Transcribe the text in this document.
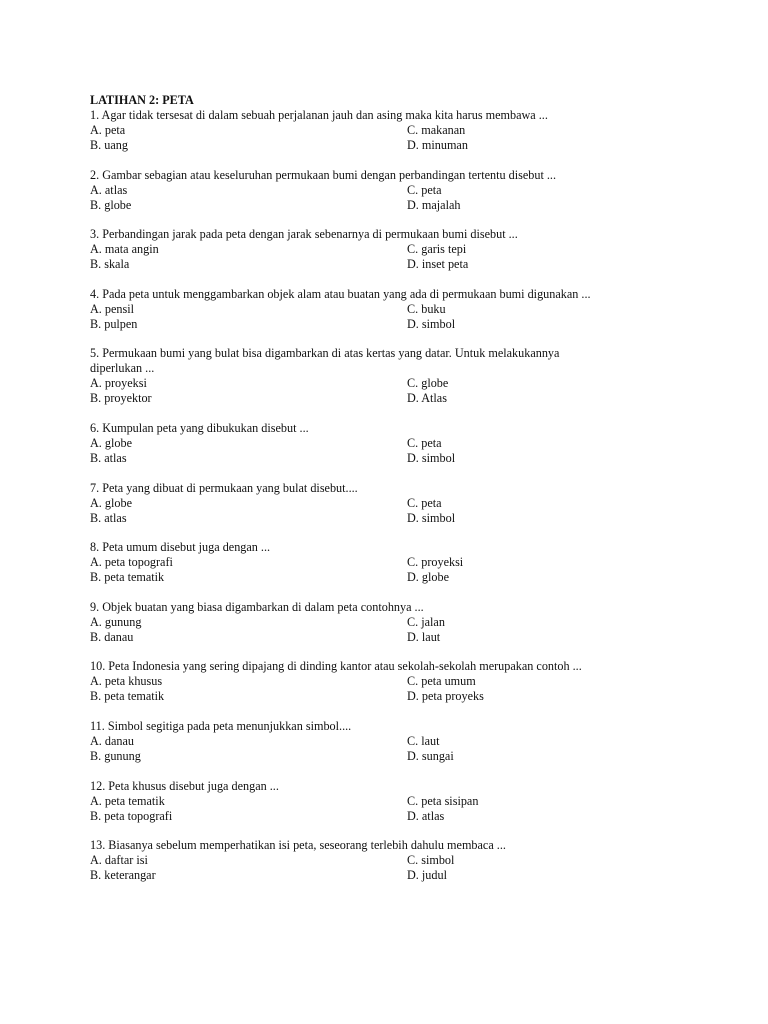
LATIHAN 2: PETA
1. Agar tidak tersesat di dalam sebuah perjalanan jauh dan asing maka kita harus membawa ...
A. peta	C. makanan
B. uang	D. minuman
2. Gambar sebagian atau keseluruhan permukaan bumi dengan perbandingan tertentu disebut ...
A. atlas	C. peta
B. globe	D. majalah
3. Perbandingan jarak pada peta dengan jarak sebenarnya di permukaan bumi disebut ...
A. mata angin	C. garis tepi
B. skala	D. inset peta
4. Pada peta untuk menggambarkan objek alam atau buatan yang ada di permukaan bumi digunakan ...
A. pensil	C. buku
B. pulpen	D. simbol
5. Permukaan bumi yang bulat bisa digambarkan di atas kertas yang datar. Untuk melakukannya diperlukan ...
A. proyeksi	C. globe
B. proyektor	D. Atlas
6. Kumpulan peta yang dibukukan disebut ...
A. globe	C. peta
B. atlas	D. simbol
7. Peta yang dibuat di permukaan yang bulat disebut....
A. globe	C. peta
B. atlas	D. simbol
8. Peta umum disebut juga dengan ...
A. peta topografi	C. proyeksi
B. peta tematik	D. globe
9. Objek buatan yang biasa digambarkan di dalam peta contohnya ...
A. gunung	C. jalan
B. danau	D. laut
10. Peta Indonesia yang sering dipajang di dinding kantor atau sekolah-sekolah merupakan contoh ...
A. peta khusus	C. peta umum
B. peta tematik	D. peta proyeks
11. Simbol segitiga pada peta menunjukkan simbol....
A. danau	C. laut
B. gunung	D. sungai
12. Peta khusus disebut juga dengan ...
A. peta tematik	C. peta sisipan
B. peta topografi	D. atlas
13. Biasanya sebelum memperhatikan isi peta, seseorang terlebih dahulu membaca ...
A. daftar isi	C. simbol
B. keterangar	D. judul
